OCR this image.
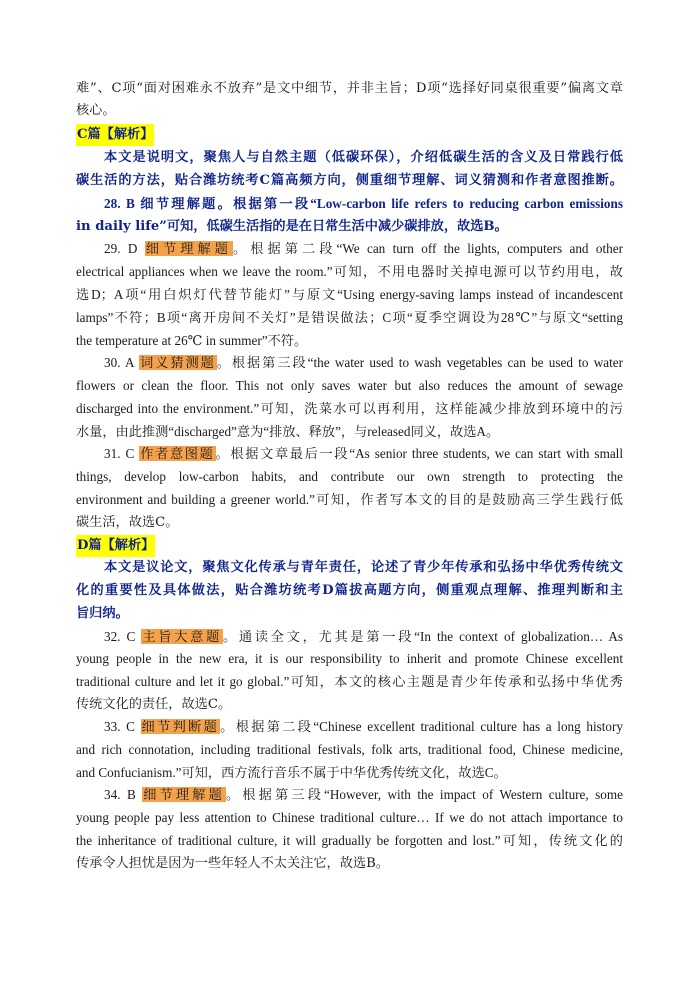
难”、C项“面对困难永不放弃”是文中细节，并非主旨；D项“选择好同桌很重要”偏离文章
核心。
C篇【解析】
本文是说明文，聚焦人与自然主题（低碳环保），介绍低碳生活的含义及日常践行低
碳生活的方法，贴合潍坊统考C篇高频方向，侧重细节理解、词义猜测和作者意图推断。
28. B 细节理解题。根据第一段“Low-carbon life refers to reducing carbon emissions
in daily life”可知，低碳生活指的是在日常生活中减少碳排放，故选B。
29. D 细节理解题。根据第二段“We can turn off the lights, computers and other
electrical appliances when we leave the room.”可知，不用电器时关掉电源可以节约用电，故
选D；A项“用白炽灯代替节能灯”与原文“Using energy-saving lamps instead of incandescent
lamps”不符；B项“离开房间不关灯”是错误做法；C项“夏季空调设为28℃”与原文“setting
the temperature at 26℃ in summer”不符。
30. A 词义猜测题。根据第三段“the water used to wash vegetables can be used to water
flowers or clean the floor. This not only saves water but also reduces the amount of sewage
discharged into the environment.”可知，洗菜水可以再利用，这样能减少排放到环境中的污
水量，由此推测“discharged”意为“排放、释放”，与released同义，故选A。
31. C 作者意图题。根据文章最后一段“As senior three students, we can start with small
things, develop low-carbon habits, and contribute our own strength to protecting the
environment and building a greener world.”可知，作者写本文的目的是鼓励高三学生践行低
碳生活，故选C。
D篇【解析】
本文是议论文，聚焦文化传承与青年责任，论述了青少年传承和弘扬中华优秀传统文
化的重要性及具体做法，贴合潍坊统考D篇拔高题方向，侧重观点理解、推理判断和主
旨归纳。
32. C 主旨大意题。通读全文，尤其是第一段“In the context of globalization… As
young people in the new era, it is our responsibility to inherit and promote Chinese excellent
traditional culture and let it go global.”可知，本文的核心主题是青少年传承和弘扬中华优秀
传统文化的责任，故选C。
33. C 细节判断题。根据第二段“Chinese excellent traditional culture has a long history
and rich connotation, including traditional festivals, folk arts, traditional food, Chinese medicine,
and Confucianism.”可知，西方流行音乐不属于中华优秀传统文化，故选C。
34. B 细节理解题。根据第三段“However, with the impact of Western culture, some
young people pay less attention to Chinese traditional culture… If we do not attach importance to
the inheritance of traditional culture, it will gradually be forgotten and lost.”可知，传统文化的
传承令人担忧是因为一些年轻人不太关注它，故选B。
